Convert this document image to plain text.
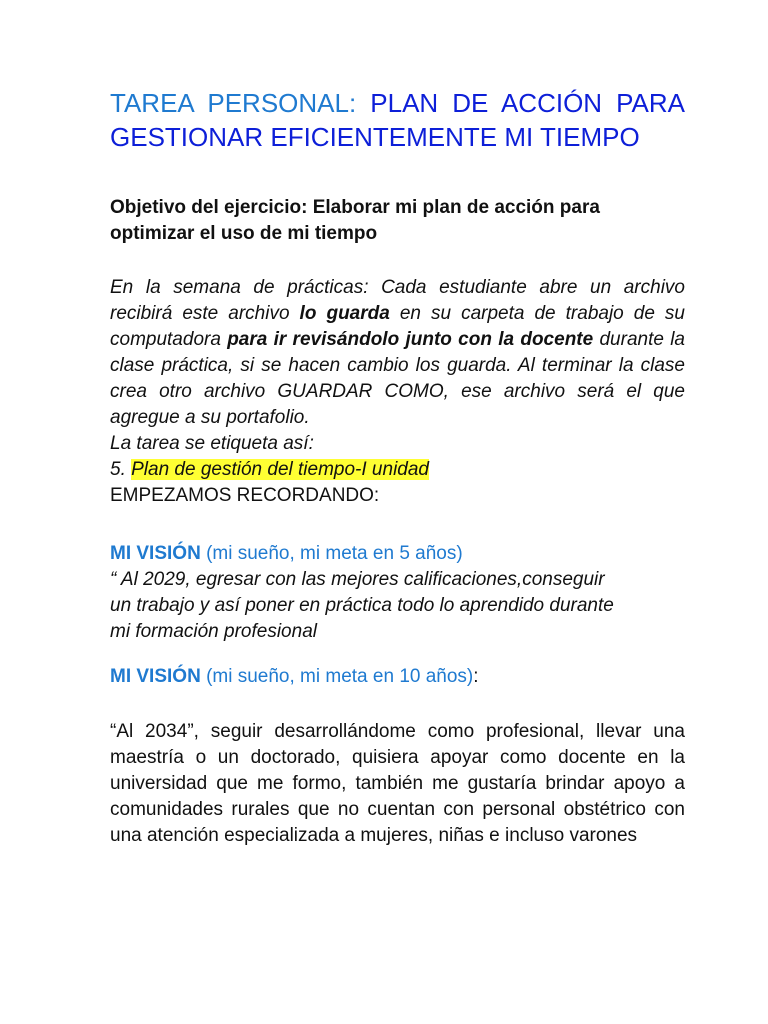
TAREA PERSONAL: PLAN DE ACCIÓN PARA GESTIONAR EFICIENTEMENTE MI TIEMPO
Objetivo del ejercicio: Elaborar mi plan de acción para
optimizar el uso de mi tiempo
En la semana de prácticas: Cada estudiante abre un archivo recibirá este archivo lo guarda en su carpeta de trabajo de su computadora para ir revisándolo junto con la docente durante la clase práctica, si se hacen cambio los guarda. Al terminar la clase crea otro archivo GUARDAR COMO, ese archivo será el que agregue a su portafolio.
La tarea se etiqueta así:
5. Plan de gestión del tiempo-I unidad
EMPEZAMOS RECORDANDO:
MI VISIÓN (mi sueño, mi meta en 5 años)
“ Al 2029, egresar con las mejores calificaciones,conseguir
un trabajo y así poner en práctica todo lo aprendido durante
mi formación profesional
MI VISIÓN (mi sueño, mi meta en 10 años):
“Al 2034”, seguir desarrollándome como profesional, llevar una maestría o un doctorado, quisiera apoyar como docente en la universidad que me formo, también me gustaría brindar apoyo a comunidades rurales que no cuentan con personal obstétrico con una atención especializada a mujeres, niñas e incluso varones
